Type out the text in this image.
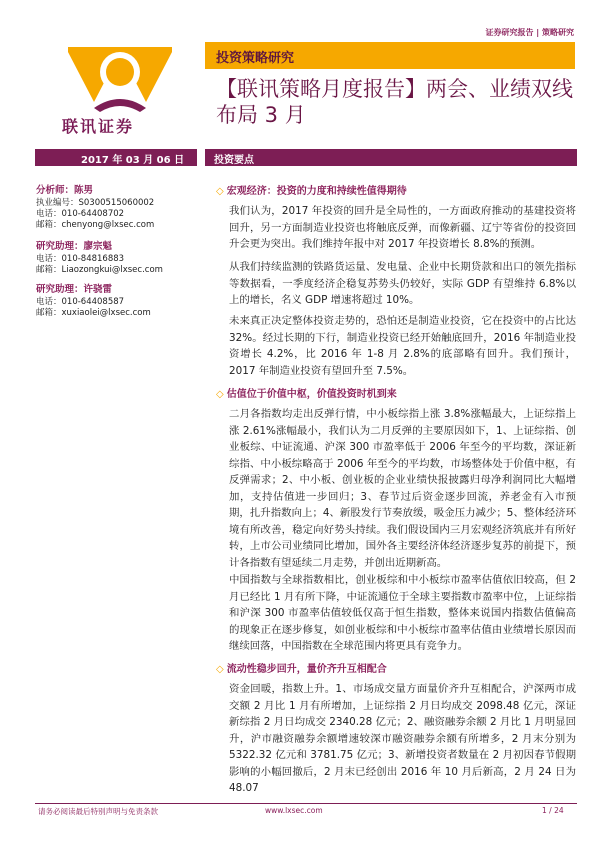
证券研究报告 | 策略研究
联讯证券
投资策略研究
【联讯策略月度报告】两会、业绩双线布局 3 月
2017 年 03 月 06 日	投资要点
分析师：陈男
执业编号：S0300515060002
电话：010-64408702
邮箱：chenyong@lxsec.com
研究助理：廖宗魁
电话：010-84816883
邮箱：Liaozongkui@lxsec.com
研究助理：许骁雷
电话：010-64408587
邮箱：xuxiaolei@lxsec.com
◇ 宏观经济：投资的力度和持续性值得期待

我们认为，2017 年投资的回升是全局性的，一方面政府推动的基建投资将回升，另一方面制造业投资也将触底反弹，而像新疆、辽宁等省份的投资回升会更为突出。我们维持年报中对 2017 年投资增长 8.8%的预测。

从我们持续监测的铁路货运量、发电量、企业中长期贷款和出口的领先指标等数据看，一季度经济企稳复苏势头仍较好，实际 GDP 有望维持 6.8%以上的增长，名义 GDP 增速将超过 10%。

未来真正决定整体投资走势的，恐怕还是制造业投资，它在投资中的占比达 32%。经过长期的下行，制造业投资已经开始触底回升，2016 年制造业投资增长 4.2%，比 2016 年 1-8 月 2.8%的底部略有回升。我们预计，2017 年制造业投资有望回升至 7.5%。

◇ 估值位于价值中枢，价值投资时机到来

二月各指数均走出反弹行情，中小板综指上涨 3.8%涨幅最大，上证综指上涨 2.61%涨幅最小，我们认为二月反弹的主要原因如下，1、上证综指、创业板综、中证流通、沪深 300 市盈率低于 2006 年至今的平均数，深证新综指、中小板综略高于 2006 年至今的平均数，市场整体处于价值中枢，有反弹需求；2、中小板、创业板的企业业绩快报披露归母净利润同比大幅增加，支持估值进一步回归；3、春节过后资金逐步回流，养老金有入市预期，扎升指数向上；4、新股发行节奏放缓，吸金压力减少；5、整体经济环境有所改善，稳定向好势头持续。我们假设国内三月宏观经济筑底并有所好转，上市公司业绩同比增加，国外各主要经济体经济逐步复苏的前提下，预计各指数有望延续二月走势，并创出近期新高。

中国指数与全球指数相比，创业板综和中小板综市盈率估值依旧较高，但 2 月已经比 1 月有所下降，中证流通位于全球主要指数市盈率中位，上证综指和沪深 300 市盈率估值较低仅高于恒生指数，整体来说国内指数估值偏高的现象正在逐步修复，如创业板综和中小板综市盈率估值由业绩增长原因而继续回落，中国指数在全球范围内将更具有竞争力。

◇ 流动性稳步回升，量价齐升互相配合

资金回暖，指数上升。1、市场成交量方面量价齐升互相配合，沪深两市成交额 2 月比 1 月有所增加，上证综指 2 月日均成交 2098.48 亿元，深证新综指 2 月日均成交 2340.28 亿元；2、融资融券余额 2 月比 1 月明显回升，沪市融资融券余额增速较深市融资融券余额有所增多，2 月末分别为 5322.32 亿元和 3781.75 亿元；3、新增投资者数量在 2 月初因春节假期影响的小幅回撤后，2 月末已经创出 2016 年 10 月后新高，2 月 24 日为 48.07

请务必阅读最后特别声明与免责条款	www.lxsec.com	1 / 24
